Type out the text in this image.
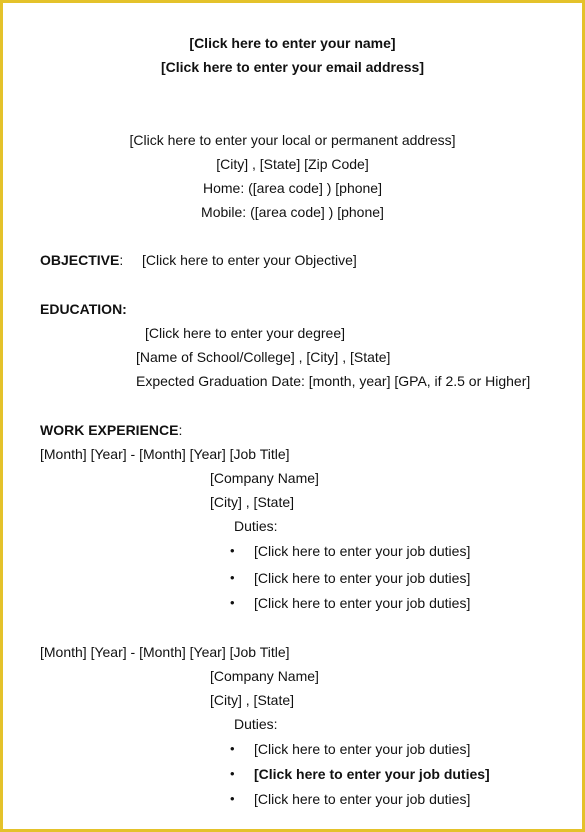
[Click here to enter your name]
[Click here to enter your email address]
[Click here to enter your local or permanent address]
[City] , [State] [Zip Code]
Home: ([area code] ) [phone]
Mobile: ([area code] ) [phone]
OBJECTIVE: [Click here to enter your Objective]
EDUCATION:
[Click here to enter your degree]
[Name of School/College] , [City] , [State]
Expected Graduation Date: [month, year] [GPA, if 2.5 or Higher]
WORK EXPERIENCE:
[Month] [Year] - [Month] [Year] [Job Title]
[Company Name]
[City] , [State]
Duties:
• [Click here to enter your job duties]
• [Click here to enter your job duties]
• [Click here to enter your job duties]
[Month] [Year] - [Month] [Year] [Job Title]
[Company Name]
[City] , [State]
Duties:
• [Click here to enter your job duties]
• [Click here to enter your job duties]
• [Click here to enter your job duties]
